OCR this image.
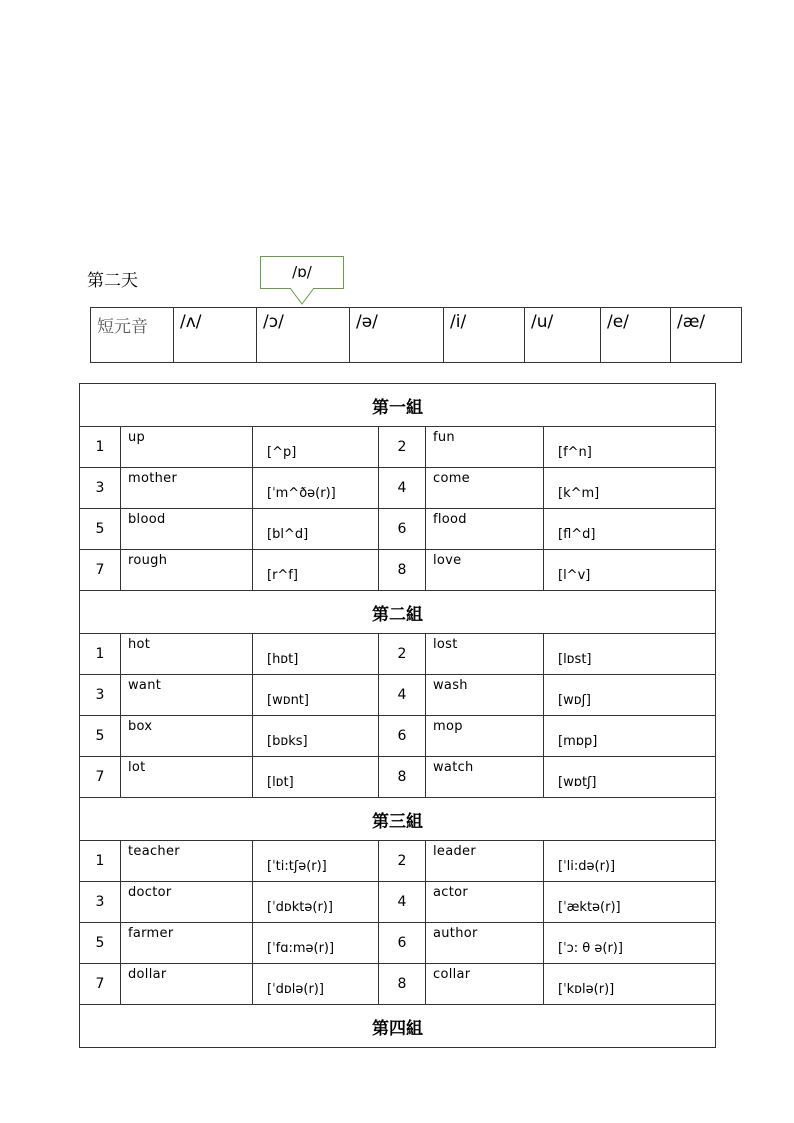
第二天	/ɒ/
短元音	/ʌ/	/ɔ/	/ə/	/i/	/u/	/e/	/æ/
第一組					
1	up	[^p]	2	fun	[f^n]
3	mother	[ˈm^ðə(r)]	4	come	[k^m]
5	blood	[bl^d]	6	flood	[fl^d]
7	rough	[r^f]	8	love	[l^v]
第二組					
1	hot	[hᴅt]	2	lost	[lᴅst]
3	want	[wᴅnt]	4	wash	[wᴅʃ]
5	box	[bᴅks]	6	mop	[mɒp]
7	lot	[lᴅt]	8	watch	[wɒtʃ]
第三組					
1	teacher	[ˈti:tʃə(r)]	2	leader	[ˈli:də(r)]
3	doctor	[ˈdᴅktə(r)]	4	actor	[ˈæktə(r)]
5	farmer	[ˈfɑ:mə(r)]	6	author	[ˈɔ: θ ə(r)]
7	dollar	[ˈdᴅlə(r)]	8	collar	[ˈkᴅlə(r)]
第四組					
